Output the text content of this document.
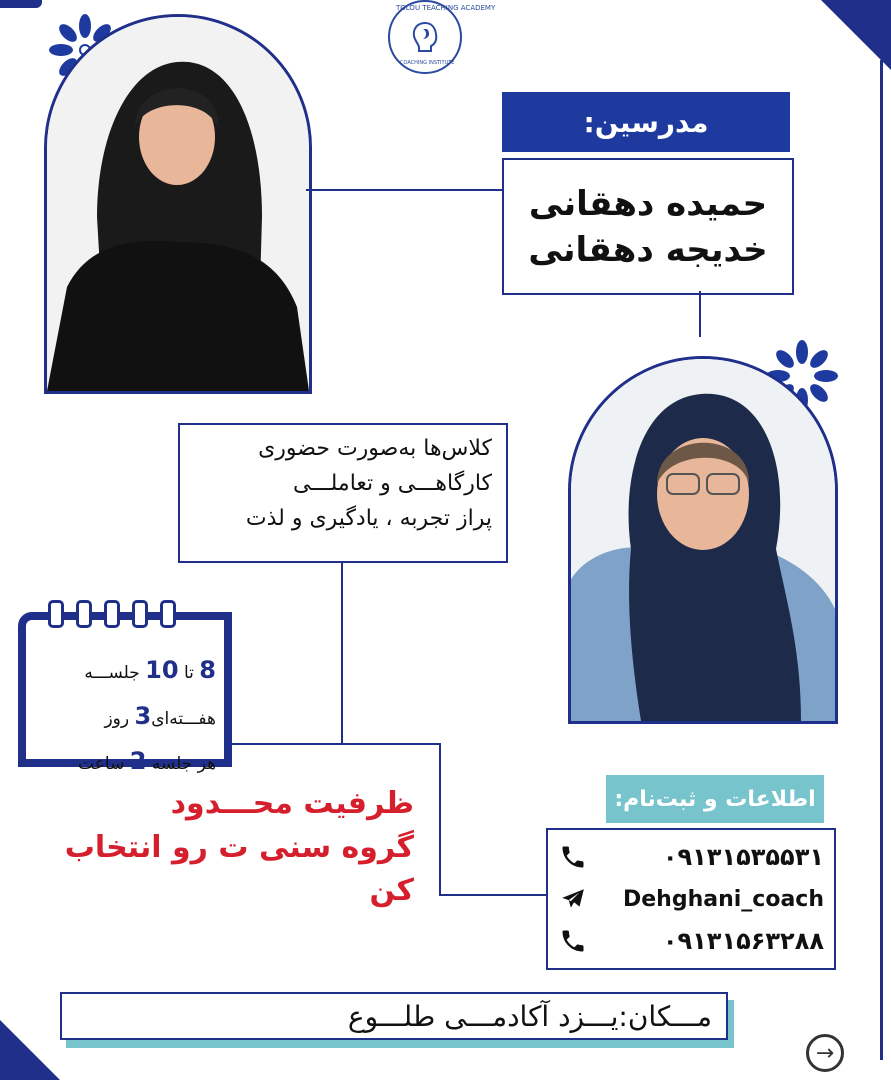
TOLOU TEACHING ACADEMY
COACHING INSTITUTE
مدرسین:
حمیده دهقانی
خدیجه دهقانی
کلاس‌ها به‌صورت حضوری
کارگاهـــی و تعاملـــی
پراز تجربه ، یادگیری و لذت
8 تا 10 جلســـه
هفـــته‌ای3 روز
هر جلسه 2 ساعت
ظرفیت محـــدود
گروه سنی ت رو انتخاب کن
اطلاعات و ثبت‌نام:
۰۹۱۳۱۵۳۵۵۳۱
Dehghani_coach
۰۹۱۳۱۵۶۳۲۸۸
مـــکان:یـــزد آکادمـــی طلـــوع
→
